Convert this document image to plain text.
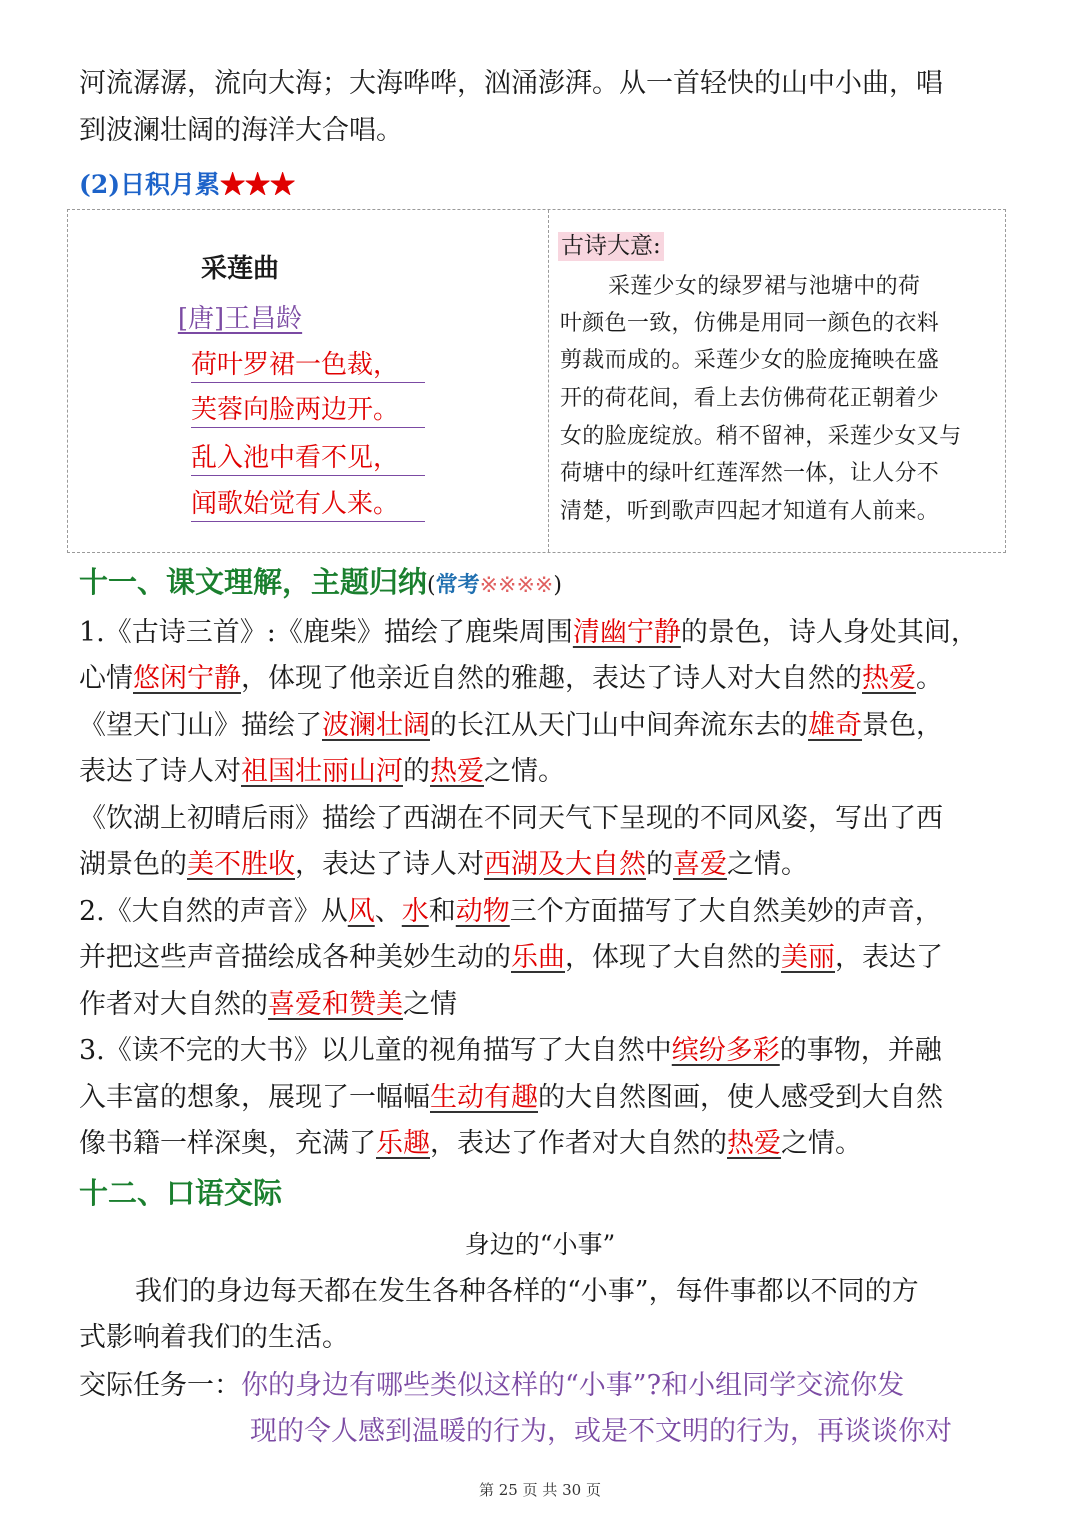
河流潺潺，流向大海；大海哗哗，汹涌澎湃。从一首轻快的山中小曲，唱
到波澜壮阔的海洋大合唱。
(2)日积月累★★★
采莲曲
[唐]王昌龄
荷叶罗裙一色裁，
芙蓉向脸两边开。
乱入池中看不见，
闻歌始觉有人来。
古诗大意:
采莲少女的绿罗裙与池塘中的荷
叶颜色一致，仿佛是用同一颜色的衣料
剪裁而成的。采莲少女的脸庞掩映在盛
开的荷花间，看上去仿佛荷花正朝着少
女的脸庞绽放。稍不留神，采莲少女又与
荷塘中的绿叶红莲浑然一体，让人分不
清楚，听到歌声四起才知道有人前来。
十一、课文理解，主题归纳(常考※※※※)
1.《古诗三首》:《鹿柴》描绘了鹿柴周围清幽宁静的景色，诗人身处其间，
心情悠闲宁静，体现了他亲近自然的雅趣，表达了诗人对大自然的热爱。
《望天门山》描绘了波澜壮阔的长江从天门山中间奔流东去的雄奇景色，
表达了诗人对祖国壮丽山河的热爱之情。
《饮湖上初晴后雨》描绘了西湖在不同天气下呈现的不同风姿，写出了西
湖景色的美不胜收，表达了诗人对西湖及大自然的喜爱之情。
2.《大自然的声音》从风、水和动物三个方面描写了大自然美妙的声音，
并把这些声音描绘成各种美妙生动的乐曲，体现了大自然的美丽，表达了
作者对大自然的喜爱和赞美之情
3.《读不完的大书》以儿童的视角描写了大自然中缤纷多彩的事物，并融
入丰富的想象，展现了一幅幅生动有趣的大自然图画，使人感受到大自然
像书籍一样深奥，充满了乐趣，表达了作者对大自然的热爱之情。
十二、口语交际
身边的“小事”
我们的身边每天都在发生各种各样的“小事”，每件事都以不同的方
式影响着我们的生活。
交际任务一：你的身边有哪些类似这样的“小事”?和小组同学交流你发
现的令人感到温暖的行为，或是不文明的行为，再谈谈你对
第 25 页 共 30 页
